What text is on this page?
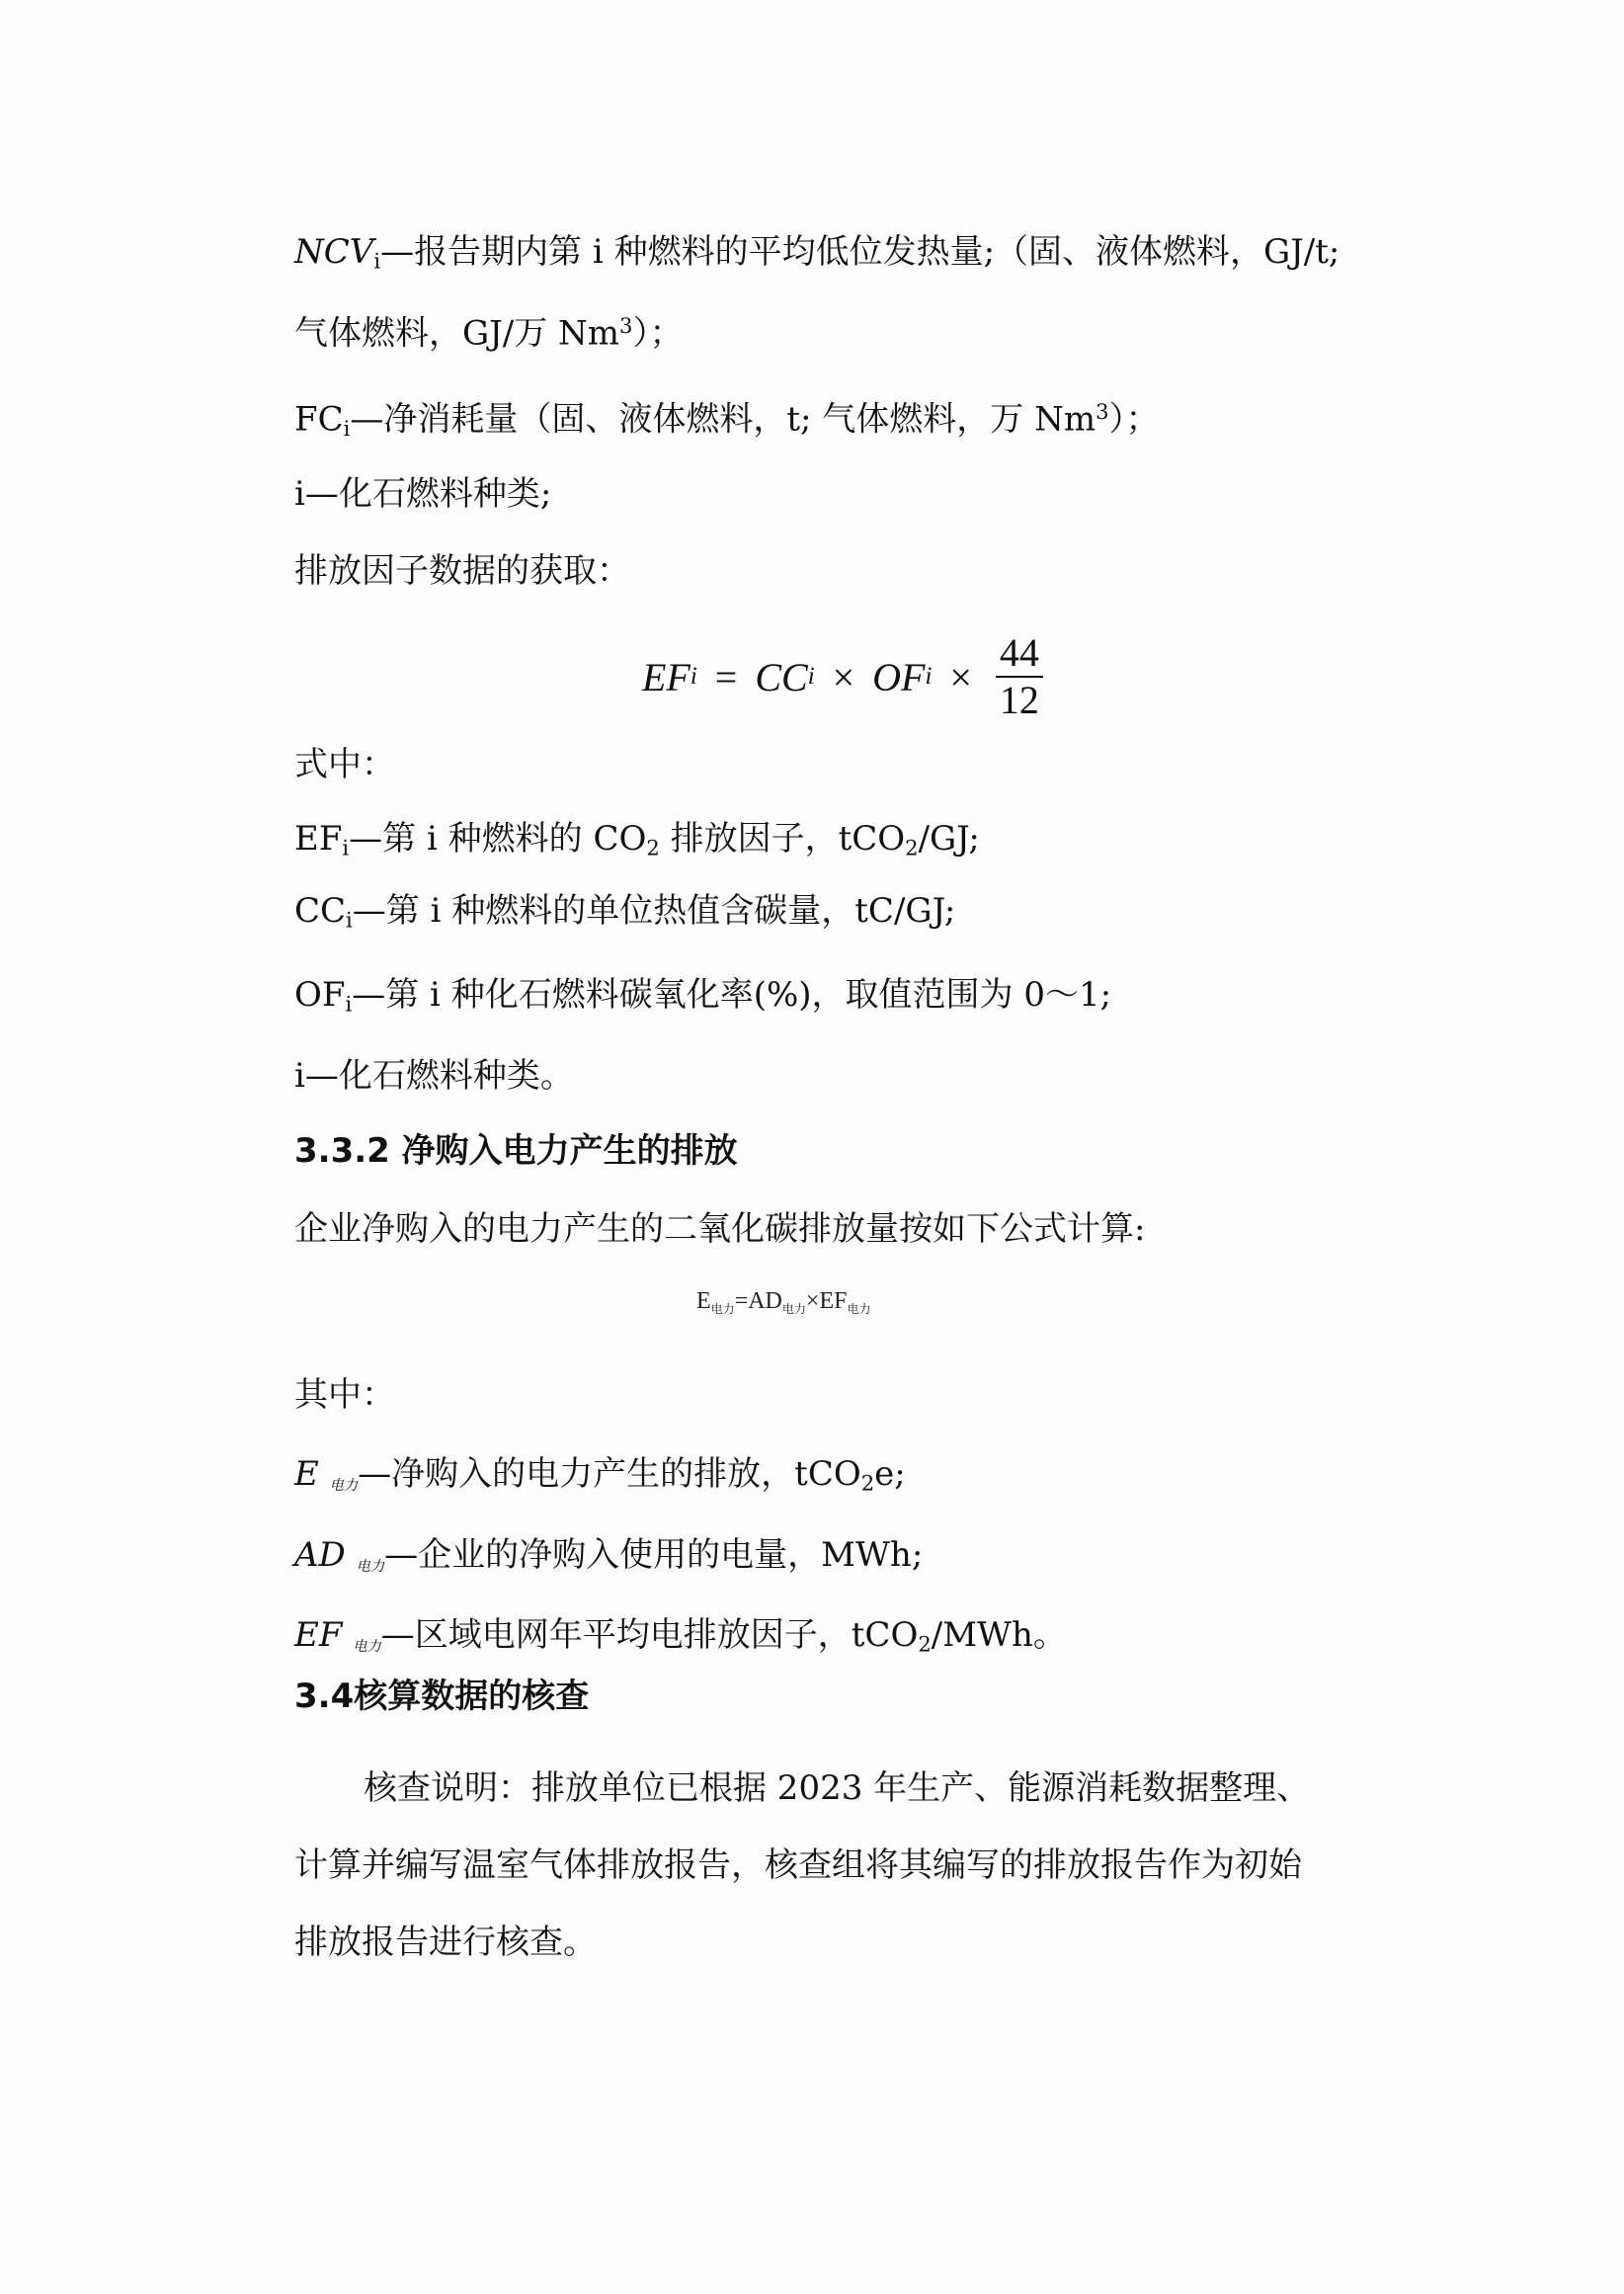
$NCV_i—$报告期内第 i 种燃料的平均低位发热量;（固、液体燃料，GJ/t;
气体燃料，GJ/万 Nm$^3$）；
$FC_i—$净消耗量（固、液体燃料，t; 气体燃料，万 Nm$^3$）；
i—化石燃料种类;
排放因子数据的获取：
EF i = CC i × OF $i \times \frac{44}{12}$
式中：
$EF_i—$第 i 种燃料的 $CO_2$ 排放因子，tCO$_2$/GJ;
$CC_i—$第 i 种燃料的单位热值含碳量，tC/GJ;
$OF_i—$第 i 种化石燃料碳氧化率(%)，取值范围为 0～1;
i—化石燃料种类。
3.3.2 净购入电力产生的排放
企业净购入的电力产生的二氧化碳排放量按如下公式计算:
$E_{电力}=AD_{电力}\times EF_{电力}$
其中：
E 电力—净购入的电力产生的排放，tCO$_2$e;
AD 电力—企业的净购入使用的电量，MWh;
EF 电力—区域电网年平均电排放因子，tCO$_2$/MWh。
3.4核算数据的核查
核查说明：排放单位已根据 2023 年生产、能源消耗数据整理、
计算并编写温室气体排放报告，核查组将其编写的排放报告作为初始
排放报告进行核查。
